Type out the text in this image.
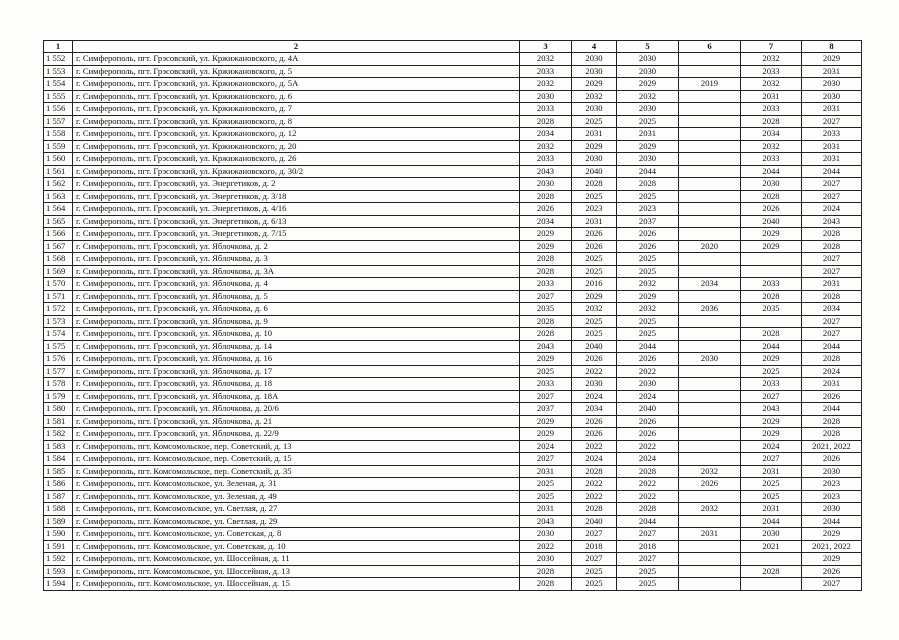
1	2	3	4	5	6	7	8
1 552	г. Симферополь, пгт. Грэсовский, ул. Кржижановского, д. 4А	2032	2030	2030		2032	2029
1 553	г. Симферополь, пгт. Грэсовский, ул. Кржижановского, д. 5	2033	2030	2030		2033	2031
1 554	г. Симферополь, пгт. Грэсовский, ул. Кржижановского, д. 5А	2032	2029	2029	2019	2032	2030
1 555	г. Симферополь, пгт. Грэсовский, ул. Кржижановского, д. 6	2030	2032	2032		2031	2030
1 556	г. Симферополь, пгт. Грэсовский, ул. Кржижановского, д. 7	2033	2030	2030		2033	2031
1 557	г. Симферополь, пгт. Грэсовский, ул. Кржижановского, д. 8	2028	2025	2025		2028	2027
1 558	г. Симферополь, пгт. Грэсовский, ул. Кржижановского, д. 12	2034	2031	2031		2034	2033
1 559	г. Симферополь, пгт. Грэсовский, ул. Кржижановского, д. 20	2032	2029	2029		2032	2031
1 560	г. Симферополь, пгт. Грэсовский, ул. Кржижановского, д. 26	2033	2030	2030		2033	2031
1 561	г. Симферополь, пгт. Грэсовский, ул. Кржижановского, д. 30/2	2043	2040	2044		2044	2044
1 562	г. Симферополь, пгт. Грэсовский, ул. Энергетиков, д. 2	2030	2028	2028		2030	2027
1 563	г. Симферополь, пгт. Грэсовский, ул. Энергетиков, д. 3/18	2028	2025	2025		2028	2027
1 564	г. Симферополь, пгт. Грэсовский, ул. Энергетиков, д. 4/16	2026	2023	2023		2026	2024
1 565	г. Симферополь, пгт. Грэсовский, ул. Энергетиков, д. 6/13	2034	2031	2037		2040	2043
1 566	г. Симферополь, пгт. Грэсовский, ул. Энергетиков, д. 7/15	2029	2026	2026		2029	2028
1 567	г. Симферополь, пгт. Грэсовский, ул. Яблочкова, д. 2	2029	2026	2026	2020	2029	2028
1 568	г. Симферополь, пгт. Грэсовский, ул. Яблочкова, д. 3	2028	2025	2025			2027
1 569	г. Симферополь, пгт. Грэсовский, ул. Яблочкова, д. 3А	2028	2025	2025			2027
1 570	г. Симферополь, пгт. Грэсовский, ул. Яблочкова, д. 4	2033	2016	2032	2034	2033	2031
1 571	г. Симферополь, пгт. Грэсовский, ул. Яблочкова, д. 5	2027	2029	2029		2028	2028
1 572	г. Симферополь, пгт. Грэсовский, ул. Яблочкова, д. 6	2035	2032	2032	2036	2035	2034
1 573	г. Симферополь, пгт. Грэсовский, ул. Яблочкова, д. 9	2028	2025	2025			2027
1 574	г. Симферополь, пгт. Грэсовский, ул. Яблочкова, д. 10	2028	2025	2025		2028	2027
1 575	г. Симферополь, пгт. Грэсовский, ул. Яблочкова, д. 14	2043	2040	2044		2044	2044
1 576	г. Симферополь, пгт. Грэсовский, ул. Яблочкова, д. 16	2029	2026	2026	2030	2029	2028
1 577	г. Симферополь, пгт. Грэсовский, ул. Яблочкова, д. 17	2025	2022	2022		2025	2024
1 578	г. Симферополь, пгт. Грэсовский, ул. Яблочкова, д. 18	2033	2030	2030		2033	2031
1 579	г. Симферополь, пгт. Грэсовский, ул. Яблочкова, д. 18А	2027	2024	2024		2027	2026
1 580	г. Симферополь, пгт. Грэсовский, ул. Яблочкова, д. 20/6	2037	2034	2040		2043	2044
1 581	г. Симферополь, пгт. Грэсовский, ул. Яблочкова, д. 21	2029	2026	2026		2029	2028
1 582	г. Симферополь, пгт. Грэсовский, ул. Яблочкова, д. 22/9	2029	2026	2026		2029	2028
1 583	г. Симферополь, пгт. Комсомольское, пер. Советский, д. 13	2024	2022	2022		2024	2021, 2022
1 584	г. Симферополь, пгт. Комсомольское, пер. Советский, д. 15	2027	2024	2024		2027	2026
1 585	г. Симферополь, пгт. Комсомольское, пер. Советский, д. 35	2031	2028	2028	2032	2031	2030
1 586	г. Симферополь, пгт. Комсомольское, ул. Зеленая, д. 31	2025	2022	2022	2026	2025	2023
1 587	г. Симферополь, пгт. Комсомольское, ул. Зеленая, д. 49	2025	2022	2022		2025	2023
1 588	г. Симферополь, пгт. Комсомольское, ул. Светлая, д. 27	2031	2028	2028	2032	2031	2030
1 589	г. Симферополь, пгт. Комсомольское, ул. Светлая, д. 29	2043	2040	2044		2044	2044
1 590	г. Симферополь, пгт. Комсомольское, ул. Советская, д. 8	2030	2027	2027	2031	2030	2029
1 591	г. Симферополь, пгт. Комсомольское, ул. Советская, д. 10	2022	2018	2018		2021	2021, 2022
1 592	г. Симферополь, пгт. Комсомольское, ул. Шоссейная, д. 11	2030	2027	2027			2029
1 593	г. Симферополь, пгт. Комсомольское, ул. Шоссейная, д. 13	2028	2025	2025		2028	2026
1 594	г. Симферополь, пгт. Комсомольское, ул. Шоссейная, д. 15	2028	2025	2025			2027
